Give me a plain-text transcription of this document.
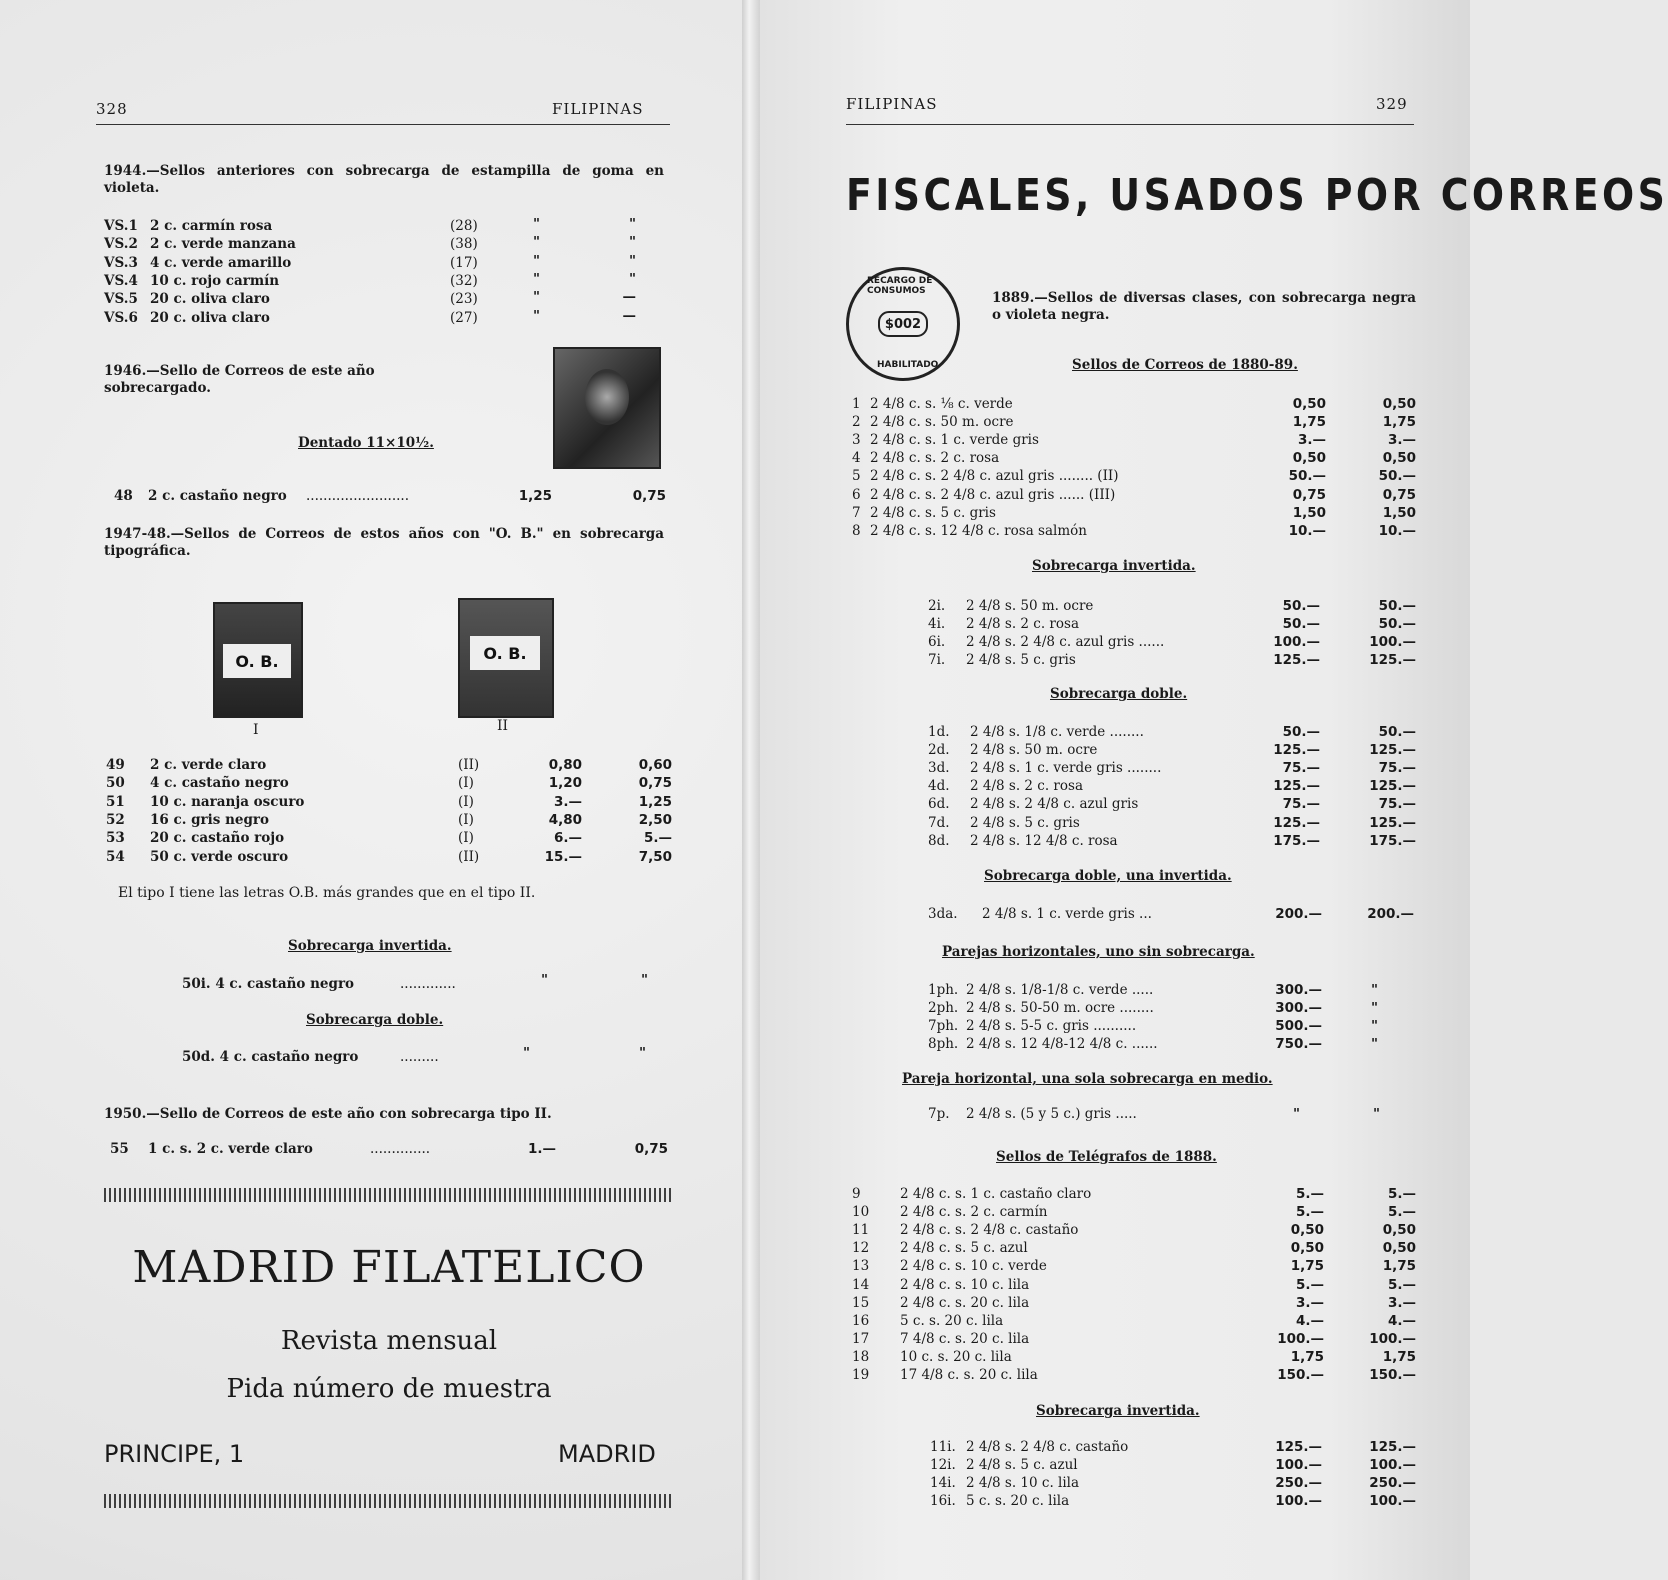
328	FILIPINAS
1944.—Sellos anteriores con sobrecarga de estampilla de goma en violeta.
VS.1 2 c. carmín rosa	(28)	"	"
VS.2 2 c. verde manzana	(38)	"	"
VS.3 4 c. verde amarillo	(17)	"	"
VS.4 10 c. rojo carmín	(32)	"	"
VS.5 20 c. oliva claro	(23)	"	—
VS.6 20 c. oliva claro	(27)	"	—
1946.—Sello de Correos de este año sobrecargado.
Dentado 11×10½.
48 2 c. castaño negro ........................	1,25	0,75
1947-48.—Sellos de Correos de estos años con "O. B." en sobrecarga tipográfica.
O. B.	O. B.
I	II
49 2 c. verde claro	(II)	0,80	0,60
50 4 c. castaño negro	(I)	1,20	0,75
51 10 c. naranja oscuro	(I)	3.—	1,25
52 16 c. gris negro	(I)	4,80	2,50
53 20 c. castaño rojo	(I)	6.—	5.—
54 50 c. verde oscuro	(II)	15.—	7,50
El tipo I tiene las letras O.B. más grandes que en el tipo II.
Sobrecarga invertida.
50i. 4 c. castaño negro	.............	"	"
Sobrecarga doble.
50d. 4 c. castaño negro	.........	"	"
1950.—Sello de Correos de este año con sobrecarga tipo II.
55 1 c. s. 2 c. verde claro	..............	1.—	0,75
MADRID FILATELICO
Revista mensual
Pida número de muestra
PRINCIPE, 1	MADRID
FILIPINAS	329
FISCALES, USADOS POR CORREOS
RECARGO DE CONSUMOS
$002
HABILITADO
1889.—Sellos de diversas clases, con sobrecarga negra o violeta negra.
Sellos de Correos de 1880-89.
1 2 4/8 c. s. ⅛ c. verde	0,50	0,50
2 2 4/8 c. s. 50 m. ocre	1,75	1,75
3 2 4/8 c. s. 1 c. verde gris	3.—	3.—
4 2 4/8 c. s. 2 c. rosa	0,50	0,50
5 2 4/8 c. s. 2 4/8 c. azul gris ........ (II)	50.—	50.—
6 2 4/8 c. s. 2 4/8 c. azul gris ...... (III)	0,75	0,75
7 2 4/8 c. s. 5 c. gris	1,50	1,50
8 2 4/8 c. s. 12 4/8 c. rosa salmón	10.—	10.—
Sobrecarga invertida.
2i. 2 4/8 s. 50 m. ocre	50.—	50.—
4i. 2 4/8 s. 2 c. rosa	50.—	50.—
6i. 2 4/8 s. 2 4/8 c. azul gris ......	100.—	100.—
7i. 2 4/8 s. 5 c. gris	125.—	125.—
Sobrecarga doble.
1d. 2 4/8 s. 1/8 c. verde ........	50.—	50.—
2d. 2 4/8 s. 50 m. ocre	125.—	125.—
3d. 2 4/8 s. 1 c. verde gris ........	75.—	75.—
4d. 2 4/8 s. 2 c. rosa	125.—	125.—
6d. 2 4/8 s. 2 4/8 c. azul gris	75.—	75.—
7d. 2 4/8 s. 5 c. gris	125.—	125.—
8d. 2 4/8 s. 12 4/8 c. rosa	175.—	175.—
Sobrecarga doble, una invertida.
3da. 2 4/8 s. 1 c. verde gris ...	200.—	200.—
Parejas horizontales, uno sin sobrecarga.
1ph. 2 4/8 s. 1/8-1/8 c. verde .....	300.—	"
2ph. 2 4/8 s. 50-50 m. ocre ........	300.—	"
7ph. 2 4/8 s. 5-5 c. gris ..........	500.—	"
8ph. 2 4/8 s. 12 4/8-12 4/8 c. ......	750.—	"
Pareja horizontal, una sola sobrecarga en medio.
7p. 2 4/8 s. (5 y 5 c.) gris .....	"	"
Sellos de Telégrafos de 1888.
9	2 4/8 c. s. 1 c. castaño claro	5.—	5.—
10 2 4/8 c. s. 2 c. carmín	5.—	5.—
11 2 4/8 c. s. 2 4/8 c. castaño	0,50	0,50
12 2 4/8 c. s. 5 c. azul	0,50	0,50
13 2 4/8 c. s. 10 c. verde	1,75	1,75
14 2 4/8 c. s. 10 c. lila	5.—	5.—
15 2 4/8 c. s. 20 c. lila	3.—	3.—
16 5 c. s. 20 c. lila	4.—	4.—
17 7 4/8 c. s. 20 c. lila	100.—	100.—
18 10 c. s. 20 c. lila	1,75	1,75
19 17 4/8 c. s. 20 c. lila	150.—	150.—
Sobrecarga invertida.
11i. 2 4/8 s. 2 4/8 c. castaño	125.—	125.—
12i. 2 4/8 s. 5 c. azul	100.—	100.—
14i. 2 4/8 s. 10 c. lila	250.—	250.—
16i. 5 c. s. 20 c. lila	100.—	100.—
